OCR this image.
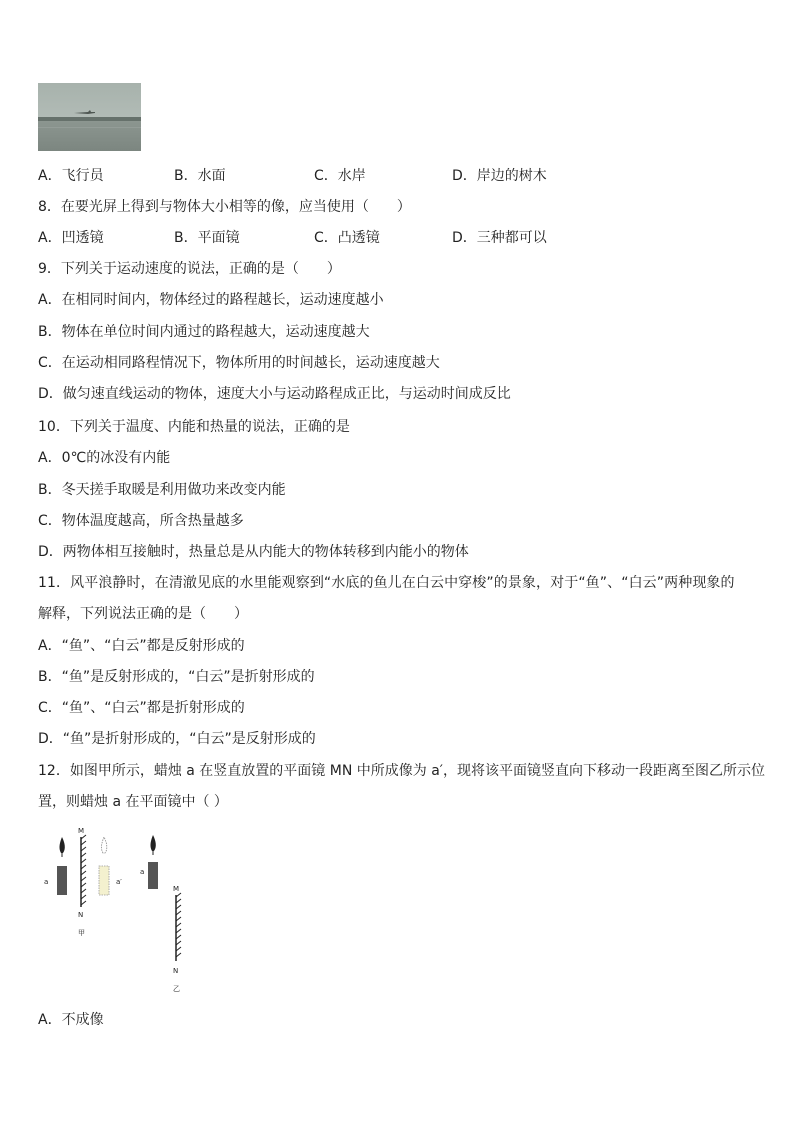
A．飞行员	B．水面	C．水岸	D．岸边的树木
8．在要光屏上得到与物体大小相等的像，应当使用（　　）
A．凹透镜	B．平面镜	C．凸透镜	D．三种都可以
9．下列关于运动速度的说法，正确的是（　　）
A．在相同时间内，物体经过的路程越长，运动速度越小
B．物体在单位时间内通过的路程越大，运动速度越大
C．在运动相同路程情况下，物体所用的时间越长，运动速度越大
D．做匀速直线运动的物体，速度大小与运动路程成正比，与运动时间成反比
10．下列关于温度、内能和热量的说法，正确的是
A．0℃的冰没有内能
B．冬天搓手取暖是利用做功来改变内能
C．物体温度越高，所含热量越多
D．两物体相互接触时，热量总是从内能大的物体转移到内能小的物体
11．风平浪静时，在清澈见底的水里能观察到“水底的鱼儿在白云中穿梭”的景象，对于“鱼”、“白云”两种现象的
解释，下列说法正确的是（　　）
A．“鱼”、“白云”都是反射形成的
B．“鱼”是反射形成的，“白云”是折射形成的
C．“鱼”、“白云”都是折射形成的
D．“鱼”是折射形成的，“白云”是反射形成的
12．如图甲所示，蜡烛 a 在竖直放置的平面镜 MN 中所成像为 a′，现将该平面镜竖直向下移动一段距离至图乙所示位
置，则蜡烛 a 在平面镜中（ ）
a
M
N
甲
a′
a
M
N
乙
A．不成像
